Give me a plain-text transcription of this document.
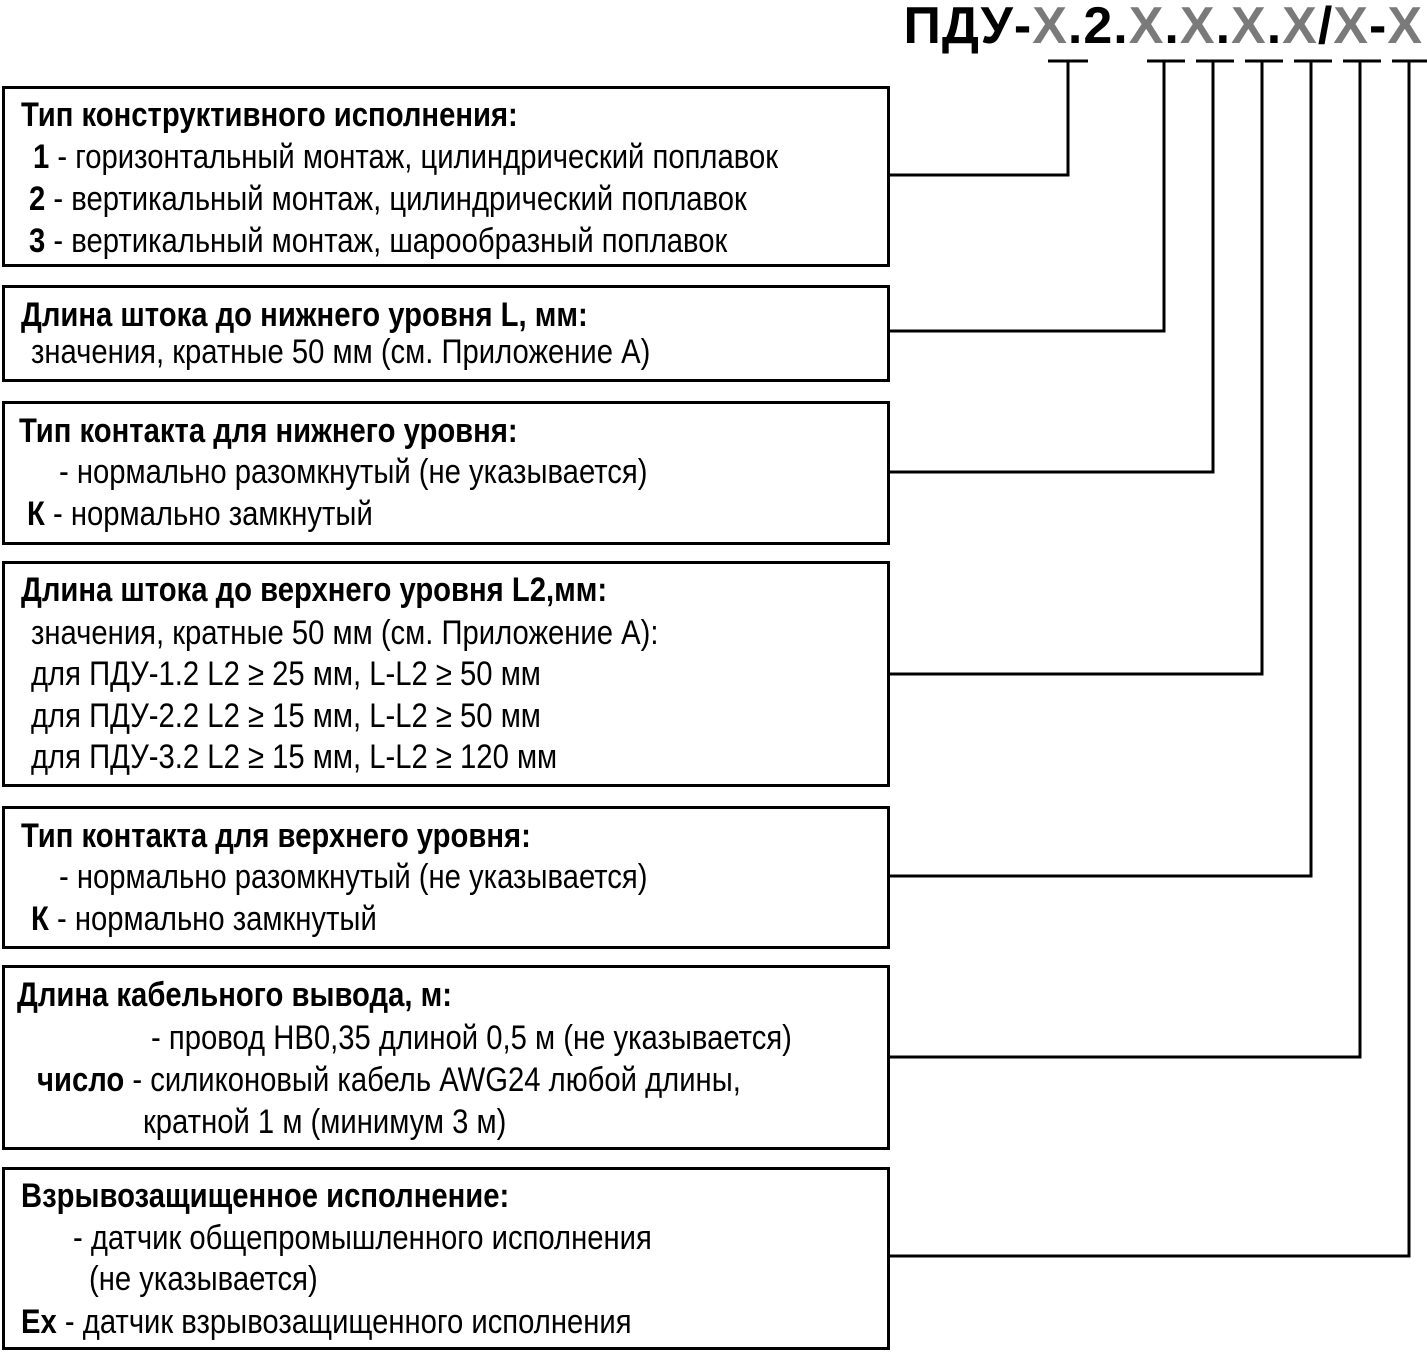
ПДУ-X.2.X.X.X.X/X-X
Тип конструктивного исполнения:
1 - горизонтальный монтаж, цилиндрический поплавок
2 - вертикальный монтаж, цилиндрический поплавок
3 - вертикальный монтаж, шарообразный поплавок
Длина штока до нижнего уровня L, мм:
значения, кратные 50 мм (см. Приложение А)
Тип контакта для нижнего уровня:
- нормально разомкнутый (не указывается)
К - нормально замкнутый
Длина штока до верхнего уровня L2,мм:
значения, кратные 50 мм (см. Приложение А):
для ПДУ-1.2 L2 ≥ 25 мм, L-L2 ≥ 50 мм
для ПДУ-2.2 L2 ≥ 15 мм, L-L2 ≥ 50 мм
для ПДУ-3.2 L2 ≥ 15 мм, L-L2 ≥ 120 мм
Тип контакта для верхнего уровня:
- нормально разомкнутый (не указывается)
К - нормально замкнутый
Длина кабельного вывода, м:
- провод НВ0,35 длиной 0,5 м (не указывается)
число - силиконовый кабель AWG24 любой длины,
кратной 1 м (минимум 3 м)
Взрывозащищенное исполнение:
- датчик общепромышленного исполнения
(не указывается)
Ex - датчик взрывозащищенного исполнения
